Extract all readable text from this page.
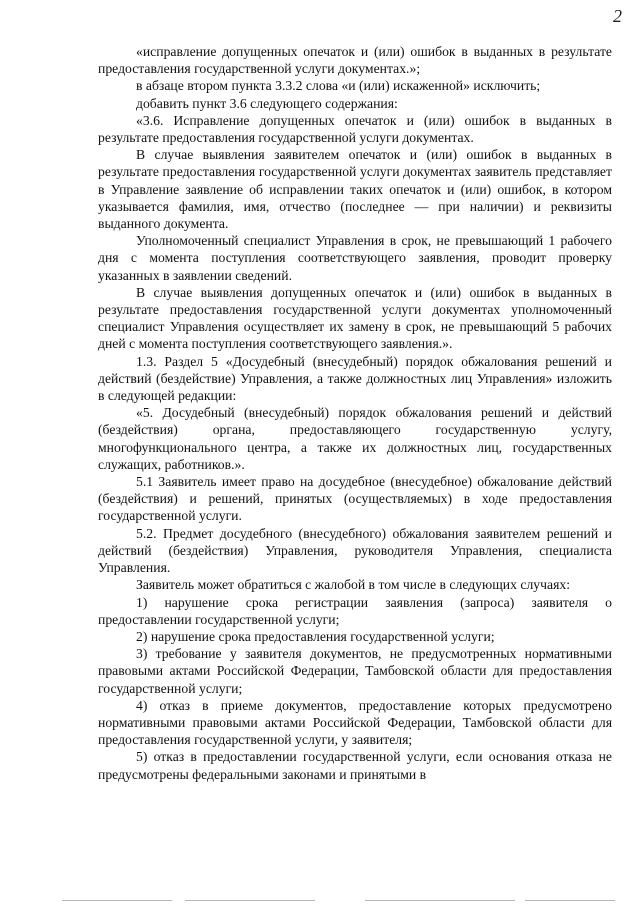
2

«исправление допущенных опечаток и (или) ошибок в выданных в результате предоставления государственной услуги документах.»;

в абзаце втором пункта 3.3.2 слова «и (или) искаженной» исключить;

добавить пункт 3.6 следующего содержания:

«3.6. Исправление допущенных опечаток и (или) ошибок в выданных в результате предоставления государственной услуги документах.

В случае выявления заявителем опечаток и (или) ошибок в выданных в результате предоставления государственной услуги документах заявитель представляет в Управление заявление об исправлении таких опечаток и (или) ошибок, в котором указывается фамилия, имя, отчество (последнее — при наличии) и реквизиты выданного документа.

Уполномоченный специалист Управления в срок, не превышающий 1 рабочего дня с момента поступления соответствующего заявления, проводит проверку указанных в заявлении сведений.

В случае выявления допущенных опечаток и (или) ошибок в выданных в результате предоставления государственной услуги документах уполномоченный специалист Управления осуществляет их замену в срок, не превышающий 5 рабочих дней с момента поступления соответствующего заявления.».

1.3. Раздел 5 «Досудебный (внесудебный) порядок обжалования решений и действий (бездействие) Управления, а также должностных лиц Управления» изложить в следующей редакции:

«5. Досудебный (внесудебный) порядок обжалования решений и действий (бездействия) органа, предоставляющего государственную услугу, многофункционального центра, а также их должностных лиц, государственных служащих, работников.».

5.1 Заявитель имеет право на досудебное (внесудебное) обжалование действий (бездействия) и решений, принятых (осуществляемых) в ходе предоставления государственной услуги.

5.2. Предмет досудебного (внесудебного) обжалования заявителем решений и действий (бездействия) Управления, руководителя Управления, специалиста Управления.

Заявитель может обратиться с жалобой в том числе в следующих случаях:

1) нарушение срока регистрации заявления (запроса) заявителя о предоставлении государственной услуги;

2) нарушение срока предоставления государственной услуги;

3) требование у заявителя документов, не предусмотренных нормативными правовыми актами Российской Федерации, Тамбовской области для предоставления государственной услуги;

4) отказ в приеме документов, предоставление которых предусмотрено нормативными правовыми актами Российской Федерации, Тамбовской области для предоставления государственной услуги, у заявителя;

5) отказ в предоставлении государственной услуги, если основания отказа не предусмотрены федеральными законами и принятыми в
